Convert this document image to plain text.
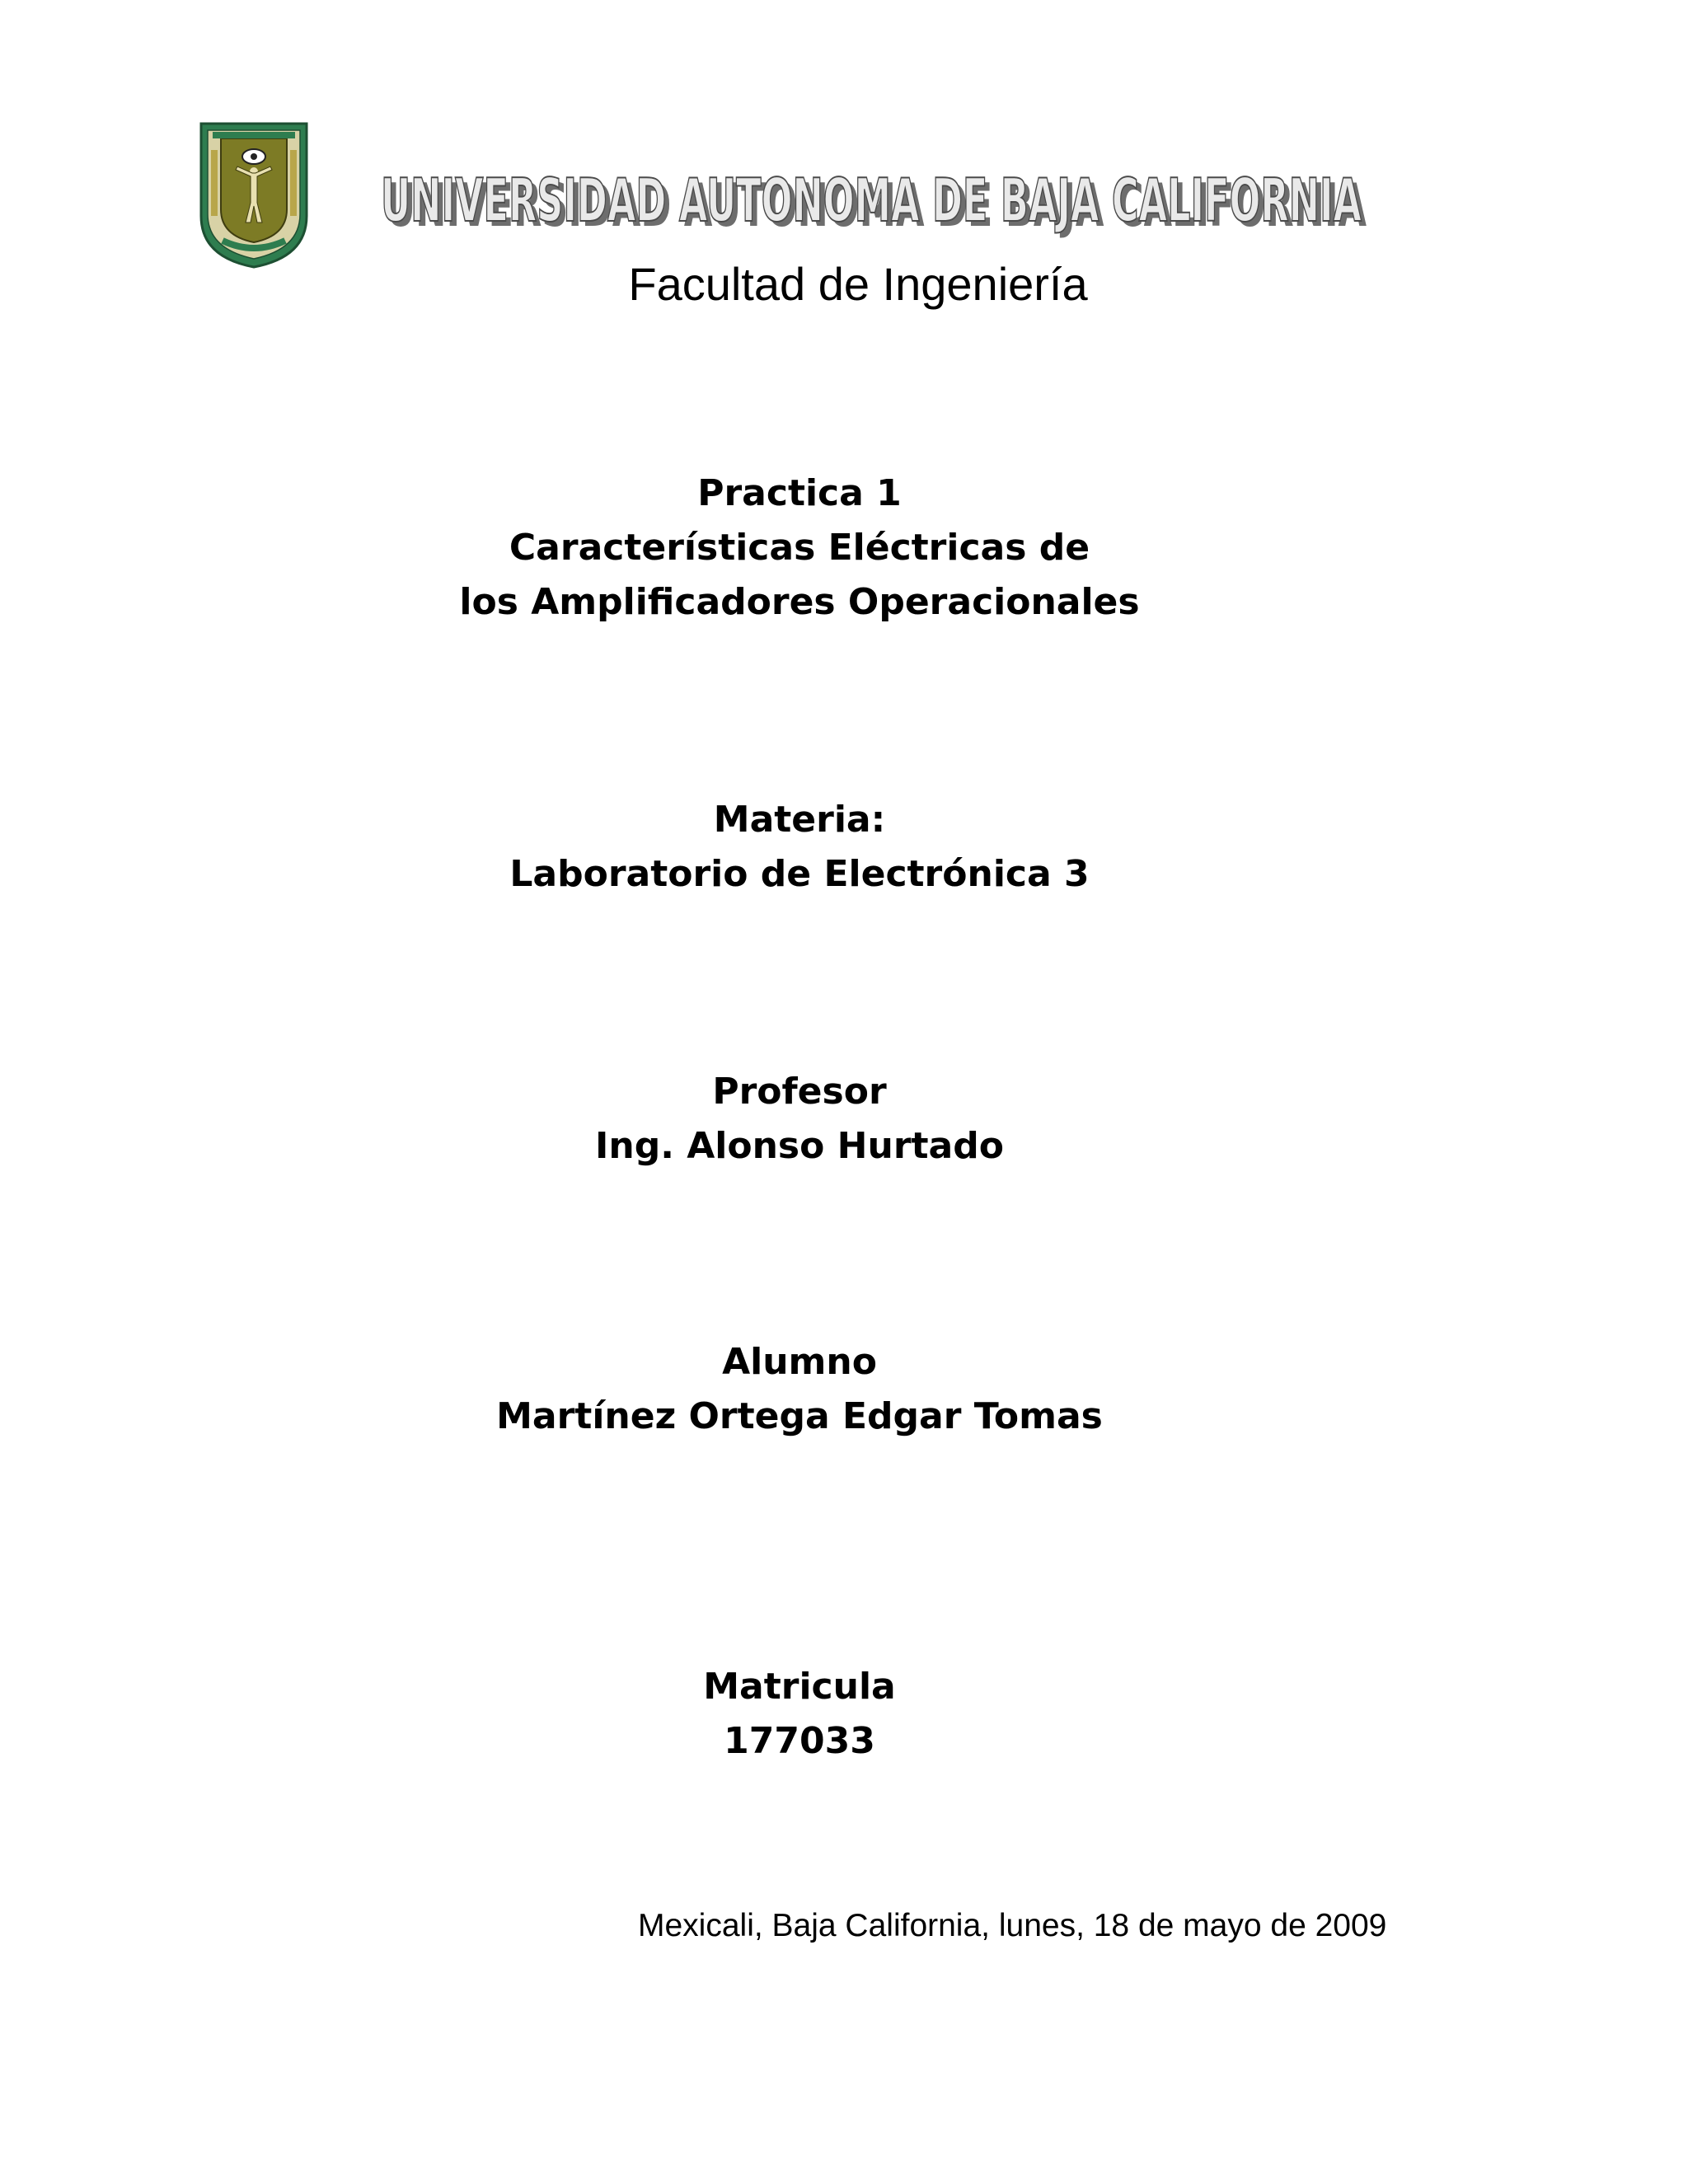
UNIVERSIDAD AUTONOMA DE BAJA CALIFORNIA
UNIVERSIDAD AUTONOMA DE BAJA CALIFORNIA
Facultad de Ingeniería
Practica 1
Características Eléctricas de
los Amplificadores Operacionales
Materia:
Laboratorio de Electrónica 3
Profesor
Ing. Alonso Hurtado
Alumno
Martínez Ortega Edgar Tomas
Matricula
177033
Mexicali, Baja California, lunes, 18 de mayo de 2009
